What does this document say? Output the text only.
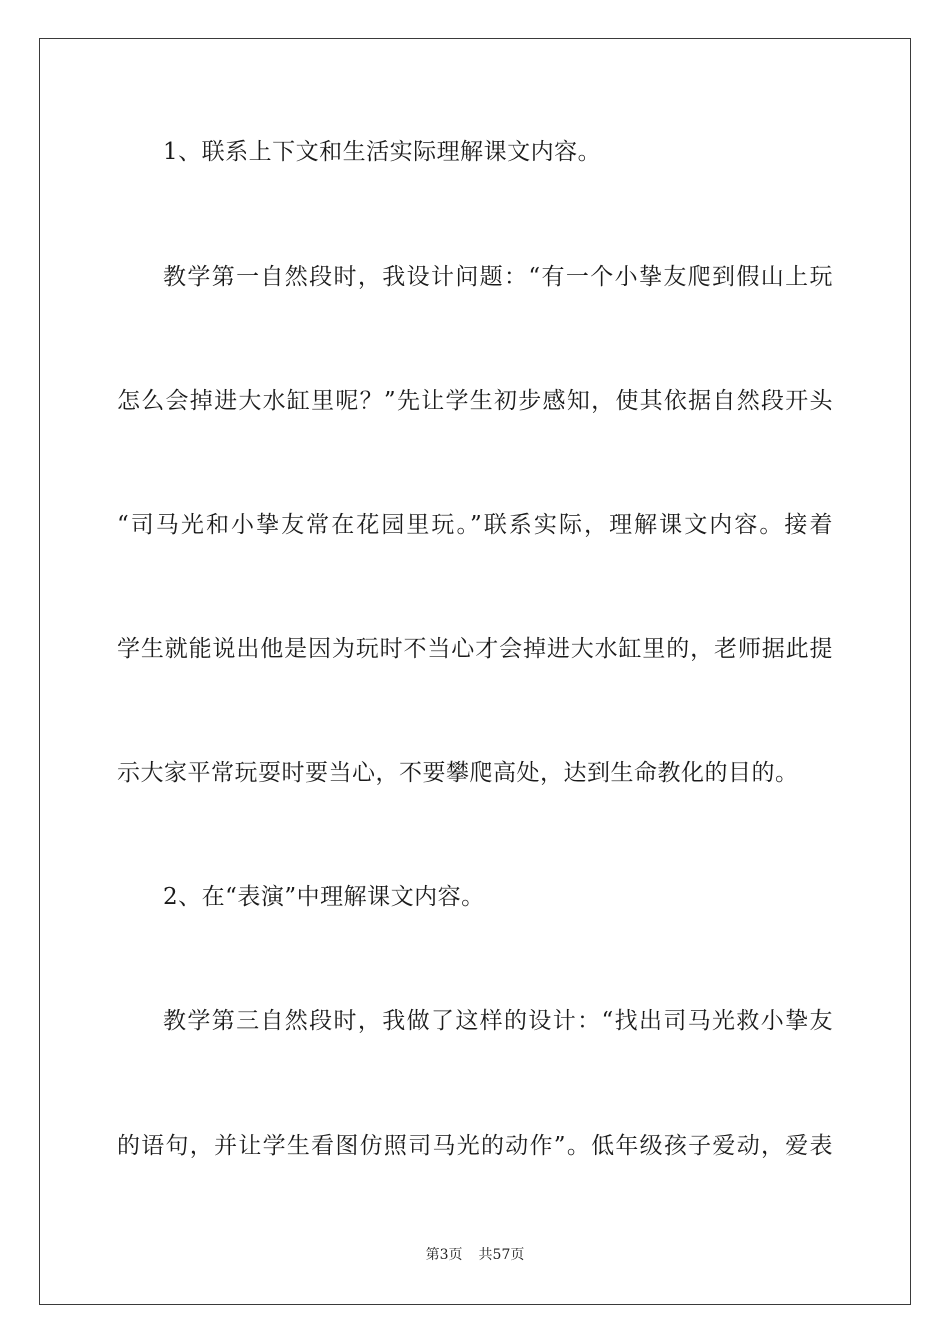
1、联系上下文和生活实际理解课文内容。
教学第一自然段时，我设计问题：“有一个小挚友爬到假山上玩
怎么会掉进大水缸里呢？”先让学生初步感知，使其依据自然段开头
“司马光和小挚友常在花园里玩。”联系实际，理解课文内容。接着
学生就能说出他是因为玩时不当心才会掉进大水缸里的，老师据此提
示大家平常玩耍时要当心，不要攀爬高处，达到生命教化的目的。
2、在“表演”中理解课文内容。
教学第三自然段时，我做了这样的设计：“找出司马光救小挚友
的语句，并让学生看图仿照司马光的动作”。低年级孩子爱动，爱表
第3页 共57页
